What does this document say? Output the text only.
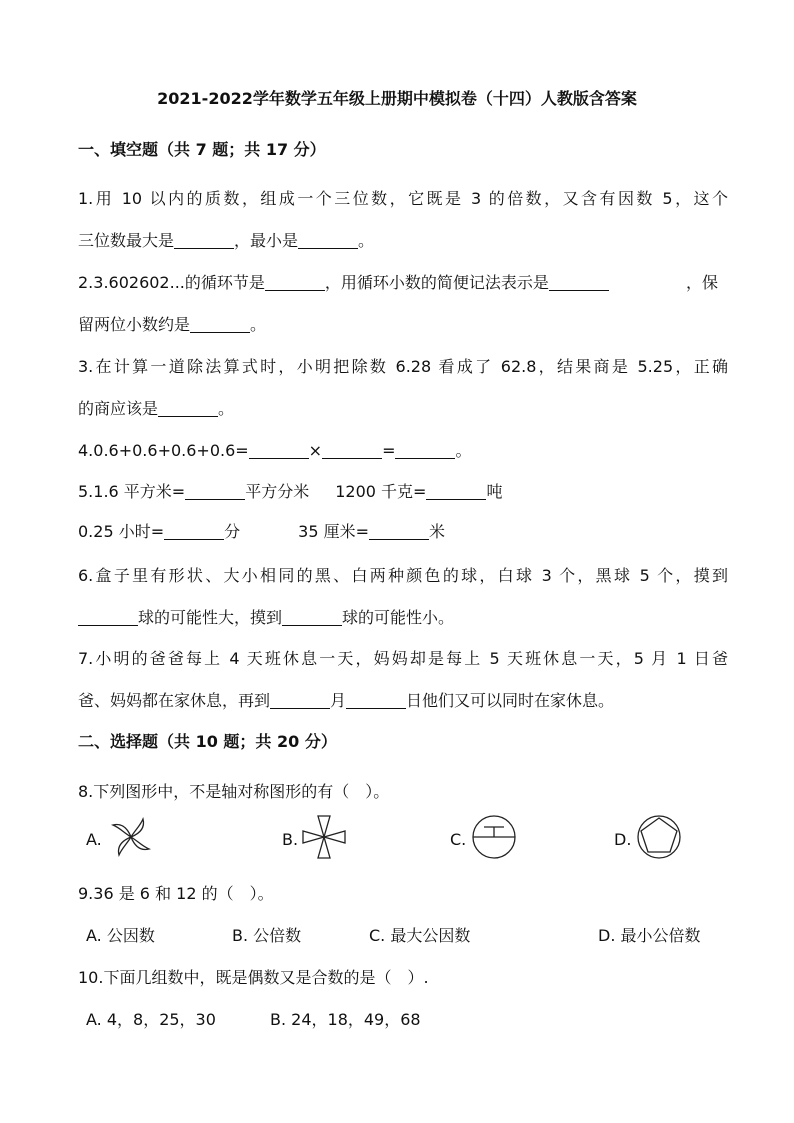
2021-2022学年数学五年级上册期中模拟卷（十四）人教版含答案
一、填空题（共 7 题；共 17 分）
1.用 10 以内的质数，组成一个三位数，它既是 3 的倍数，又含有因数 5，这个
三位数最大是	，最小是	。
2.3.602602...的循环节是	，用循环小数的简便记法表示是	，保
留两位小数约是	。
3.在计算一道除法算式时，小明把除数 6.28 看成了 62.8，结果商是 5.25，正确
的商应该是	。
4.0.6+0.6+0.6+0.6=	×	=	。
5.1.6 平方米=	平方分米 1200 千克=	吨
0.25 小时=	分	35 厘米=	米
6.盒子里有形状、大小相同的黑、白两种颜色的球，白球 3 个，黑球 5 个，摸到
球的可能性大，摸到	球的可能性小。
7.小明的爸爸每上 4 天班休息一天，妈妈却是每上 5 天班休息一天，5 月 1 日爸
爸、妈妈都在家休息，再到	月	日他们又可以同时在家休息。
二、选择题（共 10 题；共 20 分）
8.下列图形中，不是轴对称图形的有（　）。
A.	B.	C.	D.
9.36 是 6 和 12 的（　）。
A. 公因数	B. 公倍数	C. 最大公因数	D. 最小公倍数
10.下面几组数中，既是偶数又是合数的是（　）.
A. 4，8，25，30	B. 24，18，49，68
